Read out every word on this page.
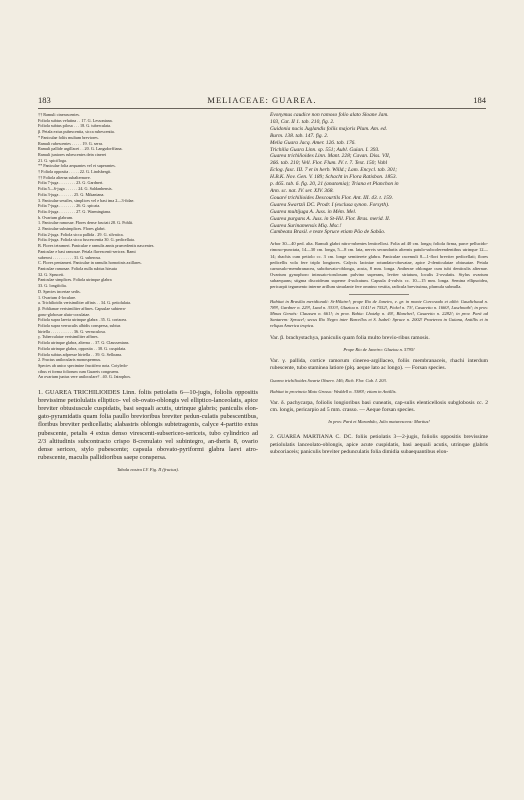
183	MELIACEAE: GUAREA.	184
†† Ramuli cinerascentes.
Foliola subtus velutina . . 17. G. Lessoniana.
Foliola subtus pilosa . . . 18. G. tuberculata.
β. Petala extus pubescentia, sicca rubescentia.
* Paniculae foliis multum breviores.
Ramuli rubescentes . . . . . 19. G. serra.
Ramuli pallide argillacei . . 20. G. Langsdorffiana.
Ramuli juniores rubescentes dein cinerei
21. G. spicifloga.
** Paniculae folia aequantes vel et superantes.
† Foliola opposita . . . . . 22. G. Lindsbergii.
†† Foliola alterna subalternave.
Folia 7-juga . . . . . . . . 23. G. Gardneri.
Folia 5—6-juga . . . . . . 24. G. Saldanhensis.
Folia 3-juga . . . . . . . 25. G. Mikaniana.
3. Paniculae sessiles, simplices vel e basi ima 2—3-fidae.
Folia 7-juga . . . . . . . . 26. G. spicata.
Folia 4-juga . . . . . . . . 27. G. Warmingiana.
b. Ovarium glabrum.
1. Paniculae ramosae. Flores dense fasciati 28. G. Pohlii.
2. Paniculae subsimplices. Flores glabri.
Folia 2-juga. Foliola sicca pallida . 29. G. silvatica.
Folia 4-juga. Foliola sicca fuscescentia 30. G. pedicellata.
B. Flores tetrameri. Paniculae e ramulis annis praecedentis nascentes.
Paniculae e basi ramosae. Petala flavescenti-sericea. Rami
suberosi . . . . . . . . . . 31. G. suberosa.
C. Flores pentameri. Paniculae in ramulis hornotinis axillares.
Paniculae ramosae. Foliola nulla subtus hirsuta
32. G. Spruceii.
Paniculae simplices. Foliola utrinque glabra
33. G. longifolia.
D. Species incertae sedis.
1. Ovarium 4-loculare.
a. Trichilioidis verisimiliter affinis . . 34. G. petiolulata.
β. Pohlianae verisimiliter affines. Capsulae subterra-
gono-globosae aluto-coculatae.
Foliola supra laevia utrinque glabra . 35. G. coriacea.
Foliola supra verruculis albidis conspersa, subtus
hirtella . . . . . . . . . . . 36. G. verruculosa.
γ. Tuberculatae verisimiliter affines.
Foliola utrinque glabra, alterna . . 37. G. Claussenians.
Foliola utrinque glabra, opposita . . 38. G. cuspidata.
Foliola subtus adpresse hirtella . . 39. G. Selloana.
2. Fructus unilocularis monospermus.
Species ab unico specimine fructifero nota. Cotyledo-
cibus et forma foliorum cum Guareis congruens.
An ovarium junius vere uniloculare? . 40. G. Jatrophos.
1. GUAREA TRICHILIOIDES Linn. foliis petiolatis 6—10-jugis, foliolis oppositis brevissime petiolulatis elliptico- vel ob-ovato-oblongis vel elliptico-lanceolatis, apice breviter obtusiuscule cuspidatis, basi sequali acutis, utrinque glabris; paniculis elon-gato-pyramidatis quam folia paullo brevioribus breviter pedun-culatis pubescentibus, floribus breviter pedicellatis; alabastris oblongis subtetragonis, calyce 4-partito extus pubescente, petalis 4 extus denso virescenti-subsericeo-sericeis, tubo cylindrico ad 2/3 altitudinis subcontracto crispo 8-crenulato vel subintegro, an-theris 8, ovario dense sericeo, stylo pubescente; capsula obovato-pyriformi glabra laevi atro-rubescente, maculis pallidioribus saepe conspersa.
Tabula nostra LV. Fig. II (fructus).
Evonymus caudice non ramoso folio alato Sloane Jam.
103, Cat. II 1. tab. 210, fig. 2.
Guidonia nucis Juglandis foliis majoris Plum. Am. ed.
Burm. 138. tab. 147. fig. 2.
Melia Guara Jacq. Amer. 126. tab. 176.
Trichilia Guara Linn. sp. 551; Aubl. Guian. I. 393.
Guarea trichilioides Linn. Mant. 228; Cavan. Diss. VII,
366. tab. 210; Vell. Flor. Flum. IV. t. 7. Text. 150; Vahl
Eclog. fasc. III. 7 et in herb. Willd.; Lam. Encycl. tab. 301;
H.B.K. Nov. Gen. V. 189; Schacht in Flora Ratisbon. 1853.
p. 465. tab. 6. fig. 20, 21 (anatomia); Triana et Planchon in
Ann. sc. nat. IV. ser. XIV. 368.
Gouaré trichilioides Descourtils Flor. Ant. III. 43. t. 159.
Guarea Swartzii DC. Prodr. I (exclusa synon. Forsyth).
Guarea multijuga A. Juss. in Mém. Mel.
Guarea purgans A. Juss. in St-Hil. Flor. Bras. merid. II.
Guarea Surinamensis Miq. Msc.!
Cambeata Brasil. e teste Spruce etiam Pão de Sabão.
Arbor 30—40 ped. alta. Ramuli glabri nitro-rubentes lenticellosi. Folia ad 40 cm. longa; foliola firma, parce pellucido-rimoso-punctata, 14—30 cm. longa, 5—8 cm. lata, nervis secundariis alternis patulo-subcolerendentibus utrinque 12—14; rhachis cum petiolo cc. 3 cm. longe semiterete glabra. Paniculae racemuli 8—1-flori breviter pedicellati; flores pedicellis vola fere triplo longiores. Calycis laciniae rotundato-obovatae, apice 2-denticulatae obtusatae. Petala carnosulo-membranacea, subobovato-oblonga, acuta, 8 mm. longa. Antherae oblongae cum tubi denticulis alternae. Ovarium gynophoro intrusato-torulosum pulvino superans, leviter striatum, loculis 2-ovulatis. Stylus ovarium subaequans; stigma discoideum superne 4-sulcatum. Capsula 4-valvis cc. 10—15 mm. longa. Semina ellipsoidea, pericarpii tegumento interne arillum simulante fere omnino vestita, radicula brevissima, plumula subnulla.
Habitat in Brasilia meridionali: St-Hilaire!; prope Rio de Janeiro, e. gr. in monte Corcovado et alibi: Gaudichaud n. 789!, Gardner n. 229!, Lund n. 3333!, Glaziou n. 1141! et 7552!, Pickel n. 73!, Casaretto n. 1660!, Luschnath!; in prov. Minas Geraës: Claussen n. 661!; in prov. Bahia: Lhotzky n. 40!, Blanchet!, Casaretto n. 2282!; in prov. Pará ad Santarem: Spruce!; secus Rio Negro inter Barcellos et S. Isabel: Spruce n. 2002! Praeterea in Guiana, Antillis et in reliqua America tropica.
Var. β. brachystachya, paniculis quam folia multo brevio-ribus ramosis.
Prope Rio de Janeiro: Glaziou n. 5795!
Var. γ. pallida, cortice ramorum cinereo-argillaceo, foliis membranaceis, rhachi interdum rubescente, tubo staminea latiore (plq. aeque lato ac longo). — Forsan species.
Guarea trichilioides Swartz Observ. 146; Rich. Flor. Cub. I. 203.
Habitat in provincia Mato Grosso: Weddell n. 3380!; etiam in Antillis.
Var. δ. pachycarpa, foliolis longioribus basi cuneatis, cap-sulis elenticellosis subglobosis cc. 2 cm. longis, pericarpio ad 5 mm. crasso. — Aeque forsan species.
In prov. Pará et Maranhão, Julio maturescens: Martius!
2. GUAREA MARTIANA C. DC. foliis petiolatis 3—2-jugis, foliolis oppositis brevissime petiolulatis lanceolato-oblongis, apice acute cuspidatis, basi aequali acutis, utrinque glabris subcoriaceis; paniculis breviter pedunculatis folia dimidia subaequantibus elon-
